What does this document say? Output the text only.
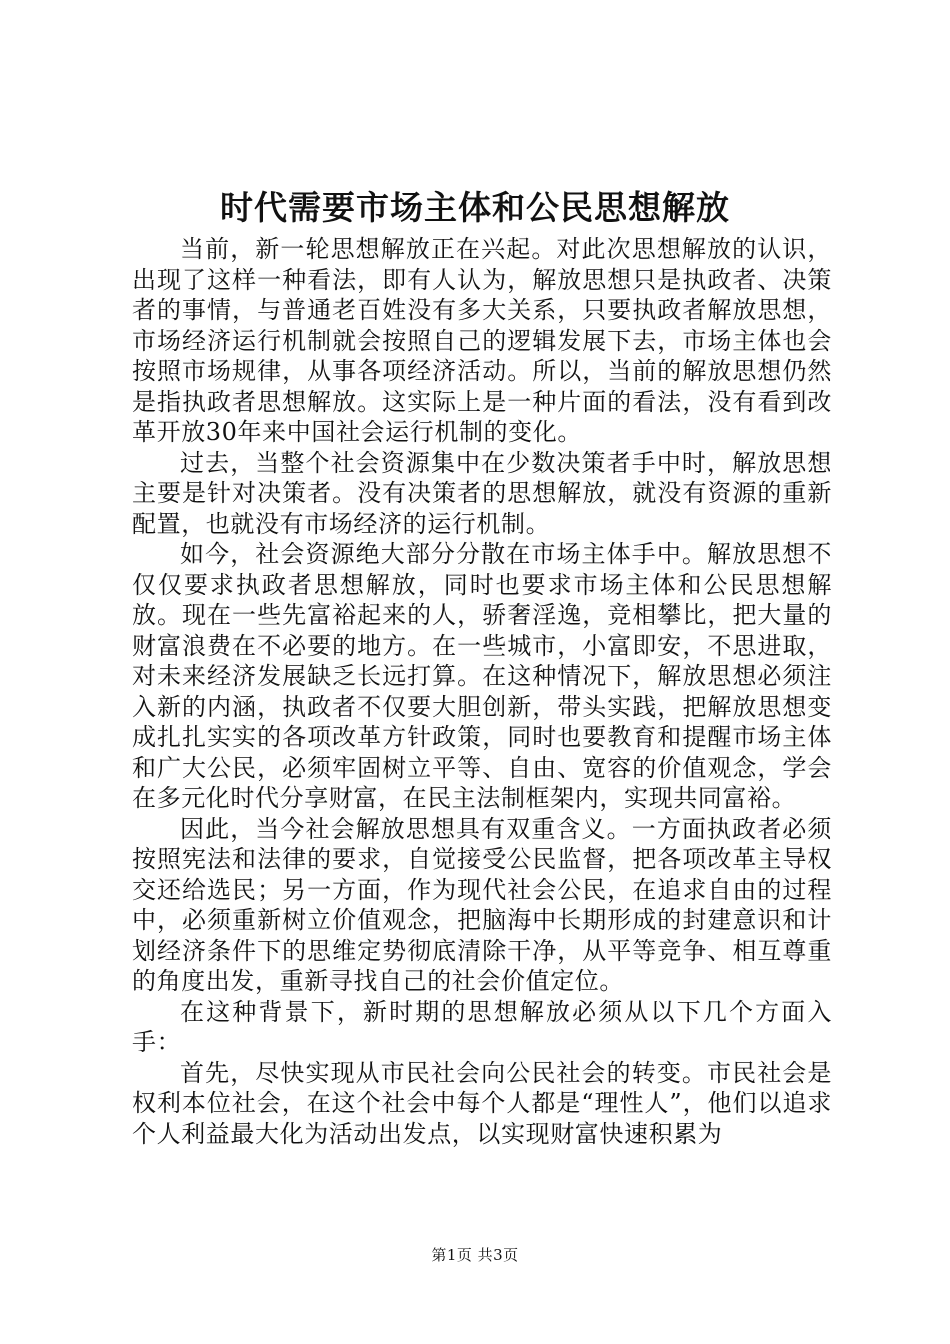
时代需要市场主体和公民思想解放

当前，新一轮思想解放正在兴起。对此次思想解放的认识，出现了这样一种看法，即有人认为，解放思想只是执政者、决策者的事情，与普通老百姓没有多大关系，只要执政者解放思想，市场经济运行机制就会按照自己的逻辑发展下去，市场主体也会按照市场规律，从事各项经济活动。所以，当前的解放思想仍然是指执政者思想解放。这实际上是一种片面的看法，没有看到改革开放30年来中国社会运行机制的变化。

过去，当整个社会资源集中在少数决策者手中时，解放思想主要是针对决策者。没有决策者的思想解放，就没有资源的重新配置，也就没有市场经济的运行机制。

如今，社会资源绝大部分分散在市场主体手中。解放思想不仅仅要求执政者思想解放，同时也要求市场主体和公民思想解放。现在一些先富裕起来的人，骄奢淫逸，竞相攀比，把大量的财富浪费在不必要的地方。在一些城市，小富即安，不思进取，对未来经济发展缺乏长远打算。在这种情况下，解放思想必须注入新的内涵，执政者不仅要大胆创新，带头实践，把解放思想变成扎扎实实的各项改革方针政策，同时也要教育和提醒市场主体和广大公民，必须牢固树立平等、自由、宽容的价值观念，学会在多元化时代分享财富，在民主法制框架内，实现共同富裕。

因此，当今社会解放思想具有双重含义。一方面执政者必须按照宪法和法律的要求，自觉接受公民监督，把各项改革主导权交还给选民；另一方面，作为现代社会公民，在追求自由的过程中，必须重新树立价值观念，把脑海中长期形成的封建意识和计划经济条件下的思维定势彻底清除干净，从平等竞争、相互尊重的角度出发，重新寻找自己的社会价值定位。

在这种背景下，新时期的思想解放必须从以下几个方面入手：

首先，尽快实现从市民社会向公民社会的转变。市民社会是权利本位社会，在这个社会中每个人都是“理性人”，他们以追求个人利益最大化为活动出发点，以实现财富快速积累为

第1页 共3页
